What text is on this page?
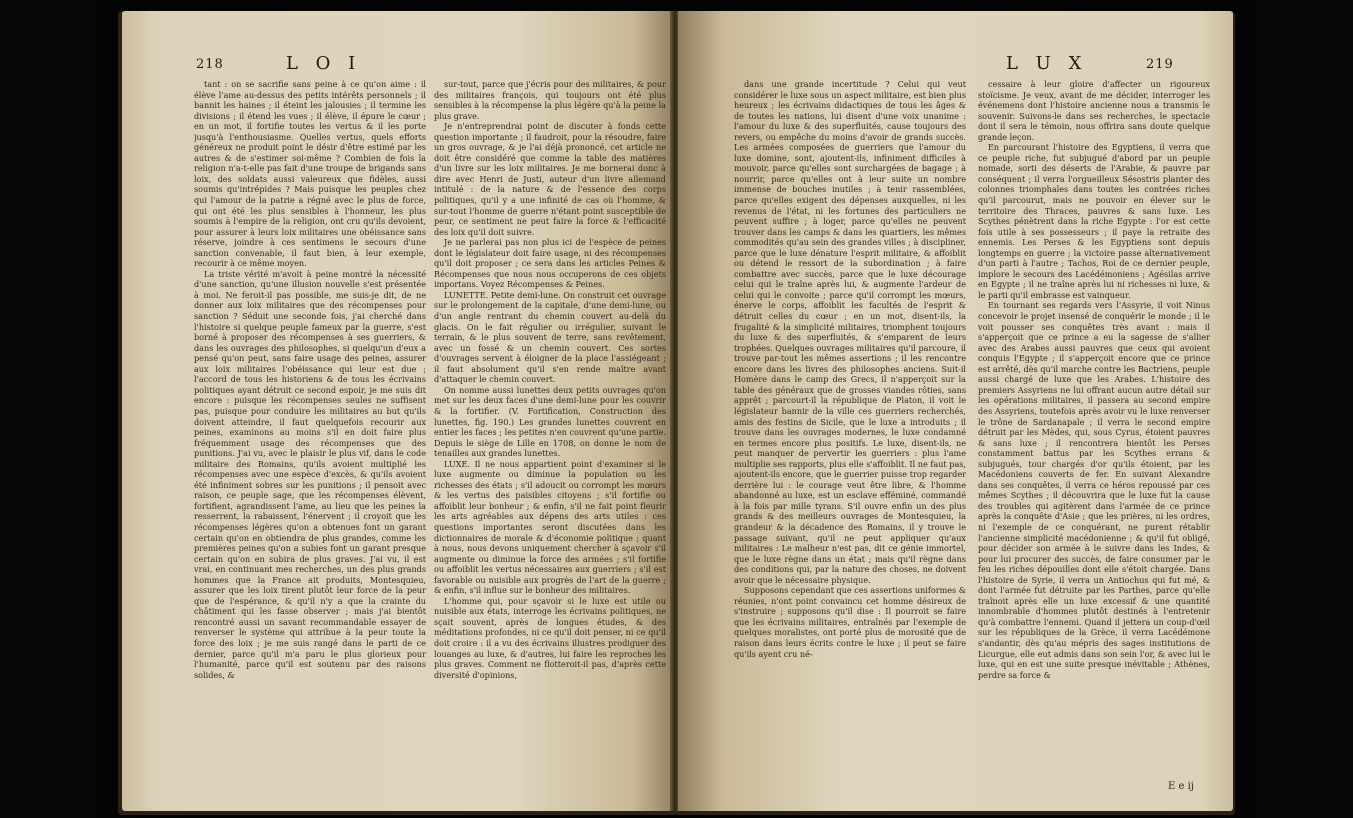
218	L O I

tant : on se sacrifie sans peine à ce qu'on aime : il élève l'ame au-dessus des petits intérêts personnels ; il bannit les haines ; il éteint les jalousies ; il termine les divisions ; il étend les vues ; il élève, il épure le cœur ; en un mot, il fortifie toutes les vertus & il les porte jusqu'à l'enthousiasme. Quelles vertus, quels efforts généreux ne produit point le désir d'être estimé par les autres & de s'estimer soi-même ? Combien de fois la religion n'a-t-elle pas fait d'une troupe de brigands sans loix, des soldats aussi valeureux que fidèles, aussi soumis qu'intrépides ? Mais puisque les peuples chez qui l'amour de la patrie a régné avec le plus de force, qui ont été les plus sensibles à l'honneur, les plus soumis à l'empire de la religion, ont cru qu'ils devoient, pour assurer à leurs loix militaires une obéissance sans réserve, joindre à ces sentimens le secours d'une sanction convenable, il faut bien, à leur exemple, recourir à ce même moyen.

La triste vérité m'avoit à peine montré la nécessité d'une sanction, qu'une illusion nouvelle s'est présentée à moi. Ne feroit-il pas possible, me suis-je dit, de ne donner aux loix militaires que des récompenses pour sanction ? Séduit une seconde fois, j'ai cherché dans l'histoire si quelque peuple fameux par la guerre, s'est borné à proposer des récompenses à ses guerriers, & dans les ouvrages des philosophes, si quelqu'un d'eux a pensé qu'on peut, sans faire usage des peines, assurer aux loix militaires l'obéissance qui leur est due ; l'accord de tous les historiens & de tous les écrivains politiques ayant détruit ce second espoir, je me suis dit encore : puisque les récompenses seules ne suffisent pas, puisque pour conduire les militaires au but qu'ils doivent atteindre, il faut quelquefois recourir aux peines, examinons au moins s'il en doit faire plus fréquemment usage des récompenses que des punitions. J'ai vu, avec le plaisir le plus vif, dans le code militaire des Romains, qu'ils avoient multiplié les récompenses avec une espèce d'excès, & qu'ils avoient été infiniment sobres sur les punitions ; il pensoit avec raison, ce peuple sage, que les récompenses élèvent, fortifient, agrandissent l'ame, au lieu que les peines la resserrent, la rabaissent, l'énervent ; il croyoit que les récompenses légères qu'on a obtenues font un garant certain qu'on en obtiendra de plus grandes, comme les premières peines qu'on a subies font un garant presque certain qu'on en subira de plus graves. J'ai vu, il est vrai, en continuant mes recherches, un des plus grands hommes que la France ait produits, Montesquieu, assurer que les loix tirent plutôt leur force de la peur que de l'espérance, & qu'il n'y a que la crainte du châtiment qui les fasse observer ; mais j'ai bientôt rencontré aussi un savant recommandable essayer de renverser le système qui attribue à la peur toute la force des loix ; je me suis rangé dans le parti de ce dernier, parce qu'il m'a paru le plus glorieux pour l'humanité, parce qu'il est soutenu par des raisons solides, &

sur-tout, parce que j'écris pour des militaires, & pour des militaires françois, qui toujours ont été plus sensibles à la récompense la plus légère qu'à la peine la plus grave.

Je n'entreprendrai point de discuter à fonds cette question importante ; il faudroit, pour la résoudre, faire un gros ouvrage, & je l'ai déjà prononcé, cet article ne doit être considéré que comme la table des matières d'un livre sur les loix militaires. Je me bornerai donc à dire avec Henri de Justi, auteur d'un livre allemand intitulé : de la nature & de l'essence des corps politiques, qu'il y a une infinité de cas où l'homme, & sur-tout l'homme de guerre n'étant point susceptible de peur, ce sentiment ne peut faire la force & l'efficacité des loix qu'il doit suivre.

Je ne parlerai pas non plus ici de l'espèce de peines dont le législateur doit faire usage, ni des récompenses qu'il doit proposer ; ce sera dans les articles Peines & Récompenses que nous nous occuperons de ces objets importans. Voyez Récompenses & Peines.

LUNETTE. Petite demi-lune. On construit cet ouvrage sur le prolongement de la capitale, d'une demi-lune, ou d'un angle rentrant du chemin couvert au-delà du glacis. On le fait régulier ou irrégulier, suivant le terrain, & le plus souvent de terre, sans revêtement, avec un fossé & un chemin couvert. Ces sortes d'ouvrages servent à éloigner de la place l'assiégeant ; il faut absolument qu'il s'en rende maître avant d'attaquer le chemin couvert.

On nomme aussi lunettes deux petits ouvrages qu'on met sur les deux faces d'une demi-lune pour les couvrir & la fortifier. (V. Fortification, Construction des lunettes, fig. 190.) Les grandes lunettes couvrent en entier les faces ; les petites n'en couvrent qu'une partie. Depuis le siège de Lille en 1708, on donne le nom de tenailles aux grandes lunettes.

LUXE. Il ne nous appartient point d'examiner si le luxe augmente ou diminue la population ou les richesses des états ; s'il adoucit ou corrompt les mœurs & les vertus des paisibles citoyens ; s'il fortifie ou affoiblit leur bonheur ; & enfin, s'il ne fait point fleurir les arts agréables aux dépens des arts utiles : ces questions importantes seront discutées dans les dictionnaires de morale & d'économie politique ; quant à nous, nous devons uniquement chercher à sçavoir s'il augmente ou diminue la force des armées ; s'il fortifie ou affoiblit les vertus nécessaires aux guerriers ; s'il est favorable ou nuisible aux progrès de l'art de la guerre ; & enfin, s'il influe sur le bonheur des militaires.

L'homme qui, pour sçavoir si le luxe est utile ou nuisible aux états, interroge les écrivains politiques, ne sçait souvent, après de longues études, & des méditations profondes, ni ce qu'il doit penser, ni ce qu'il doit croire : il a vu des écrivains illustres prodiguer des louanges au luxe, & d'autres, lui faire les reproches les plus graves. Comment ne flotteroit-il pas, d'après cette diversité d'opinions,

L U X	219

dans une grande incertitude ? Celui qui veut considérer le luxe sous un aspect militaire, est bien plus heureux ; les écrivains didactiques de tous les âges & de toutes les nations, lui disent d'une voix unanime : l'amour du luxe & des superfluités, cause toujours des revers, ou empêche du moins d'avoir de grands succès. Les armées composées de guerriers que l'amour du luxe domine, sont, ajoutent-ils, infiniment difficiles à mouvoir, parce qu'elles sont surchargées de bagage ; à nourrir, parce qu'elles ont à leur suite un nombre immense de bouches inutiles ; à tenir rassemblées, parce qu'elles exigent des dépenses auxquelles, ni les revenus de l'état, ni les fortunes des particuliers ne peuvent suffire ; à loger, parce qu'elles ne peuvent trouver dans les camps & dans les quartiers, les mêmes commodités qu'au sein des grandes villes ; à discipliner, parce que le luxe dénature l'esprit militaire, & affoiblit ou détend le ressort de la subordination ; à faire combattre avec succès, parce que le luxe décourage celui qui le traîne après lui, & augmente l'ardeur de celui qui le convoite ; parce qu'il corrompt les mœurs, énerve le corps, affoiblit les facultés de l'esprit & détruit celles du cœur ; en un mot, disent-ils, la frugalité & la simplicité militaires, triomphent toujours du luxe & des superfluités, & s'emparent de leurs trophées. Quelques ouvrages militaires qu'il parcoure, il trouve par-tout les mêmes assertions ; il les rencontre encore dans les livres des philosophes anciens. Suit-il Homère dans le camp des Grecs, il n'apperçoit sur la table des généraux que de grosses viandes rôties, sans apprêt ; parcourt-il la république de Platon, il voit le législateur bannir de la ville ces guerriers recherchés, amis des festins de Sicile, que le luxe a introduits ; il trouve dans les ouvrages modernes, le luxe condamné en termes encore plus positifs. Le luxe, disent-ils, ne peut manquer de pervertir les guerriers : plus l'ame multiplie ses rapports, plus elle s'affoiblit. Il ne faut pas, ajoutent-ils encore, que le guerrier puisse trop regarder derrière lui : le courage veut être libre, & l'homme abandonné au luxe, est un esclave efféminé, commandé à la fois par mille tyrans. S'il ouvre enfin un des plus grands & des meilleurs ouvrages de Montesquieu, la grandeur & la décadence des Romains, il y trouve le passage suivant, qu'il ne peut appliquer qu'aux militaires : Le malheur n'est pas, dit ce génie immortel, que le luxe règne dans un état ; mais qu'il règne dans des conditions qui, par la nature des choses, ne doivent avoir que le nécessaire physique.

Supposons cependant que ces assertions uniformes & réunies, n'ont point convaincu cet homme désireux de s'instruire ; supposons qu'il dise : Il pourroit se faire que les écrivains militaires, entraînés par l'exemple de quelques moralistes, ont porté plus de morosité que de raison dans leurs écrits contre le luxe ; il peut se faire qu'ils ayent cru né-

cessaire à leur gloire d'affecter un rigoureux stoïcisme. Je veux, avant de me décider, interroger les événemens dont l'histoire ancienne nous a transmis le souvenir. Suivons-le dans ses recherches, le spectacle dont il sera le témoin, nous offrira sans doute quelque grande leçon.

En parcourant l'histoire des Egyptiens, il verra que ce peuple riche, fut subjugué d'abord par un peuple nomade, sorti des déserts de l'Arabie, & pauvre par conséquent ; il verra l'orgueilleux Sésostris planter des colonnes triomphales dans toutes les contrées riches qu'il parcourut, mais ne pouvoir en élever sur le territoire des Thraces, pauvres & sans luxe. Les Scythes pénètrent dans la riche Egypte : l'or est cette fois utile à ses possesseurs ; il paye la retraite des ennemis. Les Perses & les Egyptiens sont depuis longtemps en guerre ; la victoire passe alternativement d'un parti à l'autre ; Tachos, Roi de ce dernier peuple, implore le secours des Lacédémoniens ; Agésilas arrive en Egypte ; il ne traîne après lui ni richesses ni luxe, & le parti qu'il embrasse est vainqueur.

En tournant ses regards vers l'Assyrie, il voit Ninus concevoir le projet insensé de conquérir le monde ; il le voit pousser ses conquêtes très avant : mais il s'apperçoit que ce prince a eu la sagesse de s'allier avec des Arabes aussi pauvres que ceux qui avoient conquis l'Egypte ; il s'apperçoit encore que ce prince est arrêté, dès qu'il marche contre les Bactriens, peuple aussi chargé de luxe que les Arabes. L'histoire des premiers Assyriens ne lui offrant aucun autre détail sur les opérations militaires, il passera au second empire des Assyriens, toutefois après avoir vu le luxe renverser le trône de Sardanapale ; il verra le second empire détruit par les Mèdes, qui, sous Cyrus, étoient pauvres & sans luxe ; il rencontrera bientôt les Perses constamment battus par les Scythes errans & subjugués, tour chargés d'or qu'ils étoient, par les Macédoniens couverts de fer. En suivant Alexandre dans ses conquêtes, il verra ce héros repoussé par ces mêmes Scythes ; il découvrira que le luxe fut la cause des troubles qui agitèrent dans l'armée de ce prince après la conquête d'Asie ; que les prières, ni les ordres, ni l'exemple de ce conquérant, ne purent rétablir l'ancienne simplicité macédonienne ; & qu'il fut obligé, pour décider son armée à le suivre dans les Indes, & pour lui procurer des succès, de faire consumer par le feu les riches dépouilles dont elle s'étoit chargée. Dans l'histoire de Syrie, il verra un Antiochus qui fut mé, & dont l'armée fut détruite par les Parthes, parce qu'elle traînoit après elle un luxe excessif & une quantité innombrable d'hommes plutôt destinés à l'entretenir qu'à combattre l'ennemi. Quand il jettera un coup-d'œil sur les républiques de la Grèce, il verra Lacédémone s'andantir, dès qu'au mépris des sages institutions de Licurgue, elle eut admis dans son sein l'or, & avec lui le luxe, qui en est une suite presque inévitable ; Athènes, perdre sa force &

E e ij
